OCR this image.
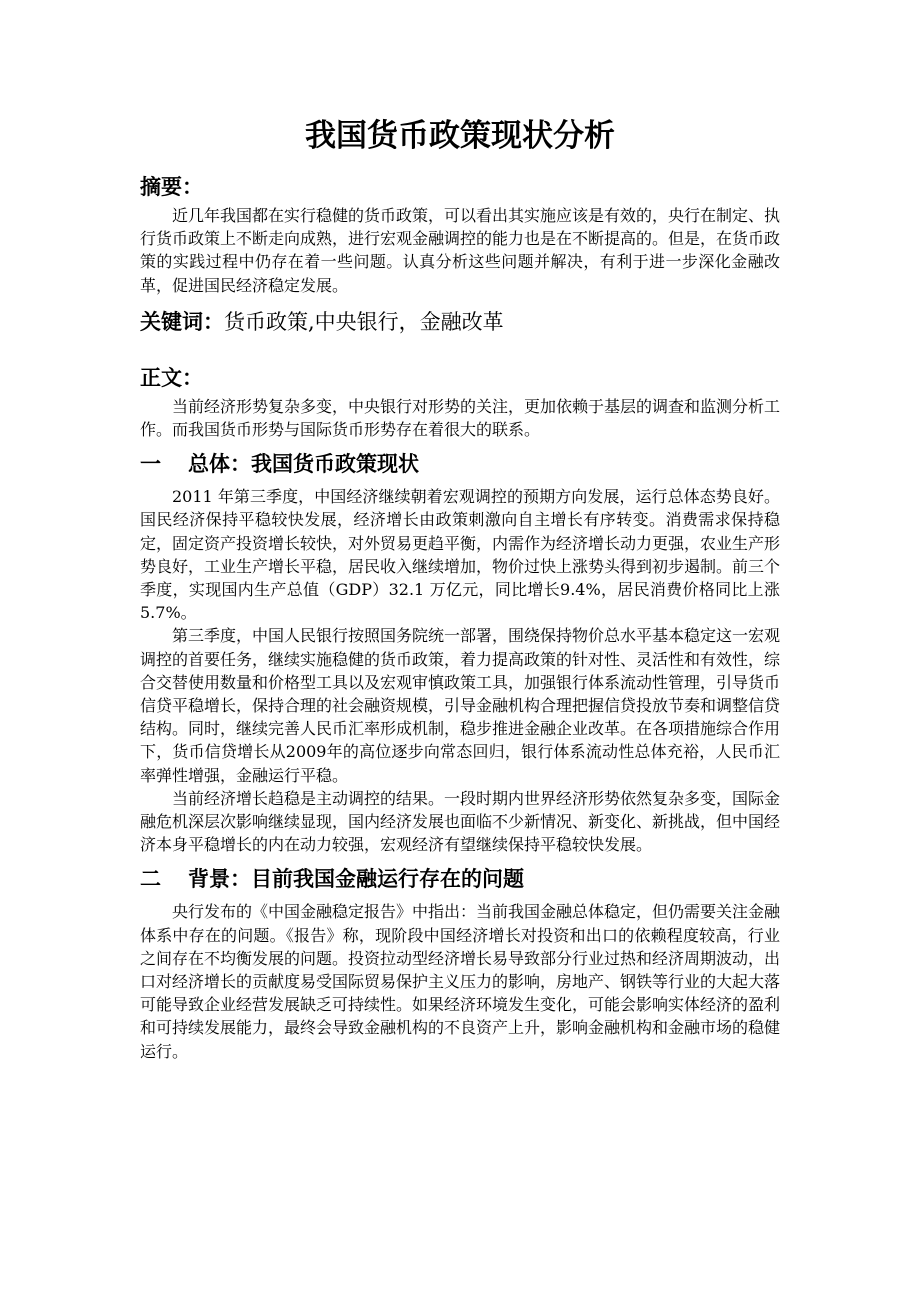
我国货币政策现状分析
摘要：

近几年我国都在实行稳健的货币政策，可以看出其实施应该是有效的，央行在制定、执行货币政策上不断走向成熟，进行宏观金融调控的能力也是在不断提高的。但是，在货币政策的实践过程中仍存在着一些问题。认真分析这些问题并解决，有利于进一步深化金融改革，促进国民经济稳定发展。

关键词：货币政策,中央银行，金融改革
正文：

当前经济形势复杂多变，中央银行对形势的关注，更加依赖于基层的调查和监测分析工作。而我国货币形势与国际货币形势存在着很大的联系。

一 总体：我国货币政策现状

2011 年第三季度，中国经济继续朝着宏观调控的预期方向发展，运行总体态势良好。国民经济保持平稳较快发展，经济增长由政策刺激向自主增长有序转变。消费需求保持稳定，固定资产投资增长较快，对外贸易更趋平衡，内需作为经济增长动力更强，农业生产形势良好，工业生产增长平稳，居民收入继续增加，物价过快上涨势头得到初步遏制。前三个季度，实现国内生产总值（GDP）32.1 万亿元，同比增长9.4%，居民消费价格同比上涨5.7%。

第三季度，中国人民银行按照国务院统一部署，围绕保持物价总水平基本稳定这一宏观调控的首要任务，继续实施稳健的货币政策，着力提高政策的针对性、灵活性和有效性，综合交替使用数量和价格型工具以及宏观审慎政策工具，加强银行体系流动性管理，引导货币信贷平稳增长，保持合理的社会融资规模，引导金融机构合理把握信贷投放节奏和调整信贷结构。同时，继续完善人民币汇率形成机制，稳步推进金融企业改革。在各项措施综合作用下，货币信贷增长从2009年的高位逐步向常态回归，银行体系流动性总体充裕，人民币汇率弹性增强，金融运行平稳。

当前经济增长趋稳是主动调控的结果。一段时期内世界经济形势依然复杂多变，国际金融危机深层次影响继续显现，国内经济发展也面临不少新情况、新变化、新挑战，但中国经济本身平稳增长的内在动力较强，宏观经济有望继续保持平稳较快发展。

二 背景：目前我国金融运行存在的问题

央行发布的《中国金融稳定报告》中指出：当前我国金融总体稳定，但仍需要关注金融体系中存在的问题。《报告》称，现阶段中国经济增长对投资和出口的依赖程度较高，行业之间存在不均衡发展的问题。投资拉动型经济增长易导致部分行业过热和经济周期波动，出口对经济增长的贡献度易受国际贸易保护主义压力的影响，房地产、钢铁等行业的大起大落可能导致企业经营发展缺乏可持续性。如果经济环境发生变化，可能会影响实体经济的盈利和可持续发展能力，最终会导致金融机构的不良资产上升，影响金融机构和金融市场的稳健运行。
